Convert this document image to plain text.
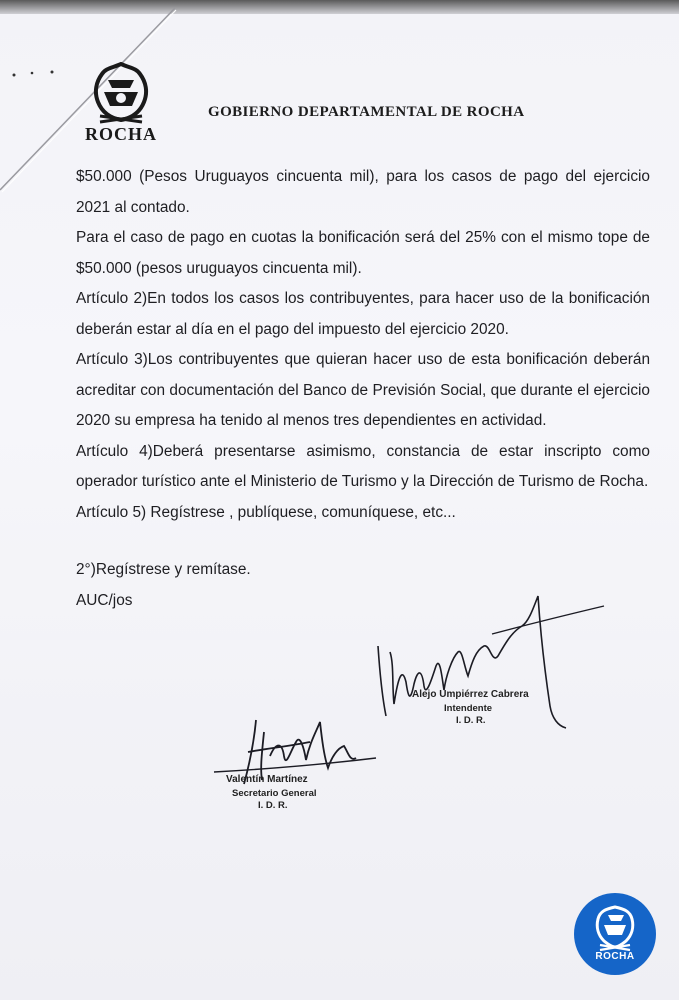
ROCHA
GOBIERNO DEPARTAMENTAL DE ROCHA

$50.000 (Pesos Uruguayos cincuenta mil), para los casos de pago del ejercicio 2021 al contado.

Para el caso de pago en cuotas la bonificación será del 25% con el mismo tope de $50.000 (pesos uruguayos cincuenta mil).

Artículo 2)En todos los casos los contribuyentes, para hacer uso de la bonificación deberán estar al día en el pago del impuesto del ejercicio 2020.

Artículo 3)Los contribuyentes que quieran hacer uso de esta bonificación deberán acreditar con documentación del Banco de Previsión Social, que durante el ejercicio 2020 su empresa ha tenido al menos tres dependientes en actividad.

Artículo 4)Deberá presentarse asimismo, constancia de estar inscripto como operador turístico ante el Ministerio de Turismo y la Dirección de Turismo de Rocha.

Artículo 5) Regístrese , publíquese, comuníquese, etc...

2°)Regístrese y remítase.

AUC/jos

Alejo Umpiérrez Cabrera
Intendente
I. D. R.
Valentín Martínez
Secretario General
I. D. R.
ROCHA
